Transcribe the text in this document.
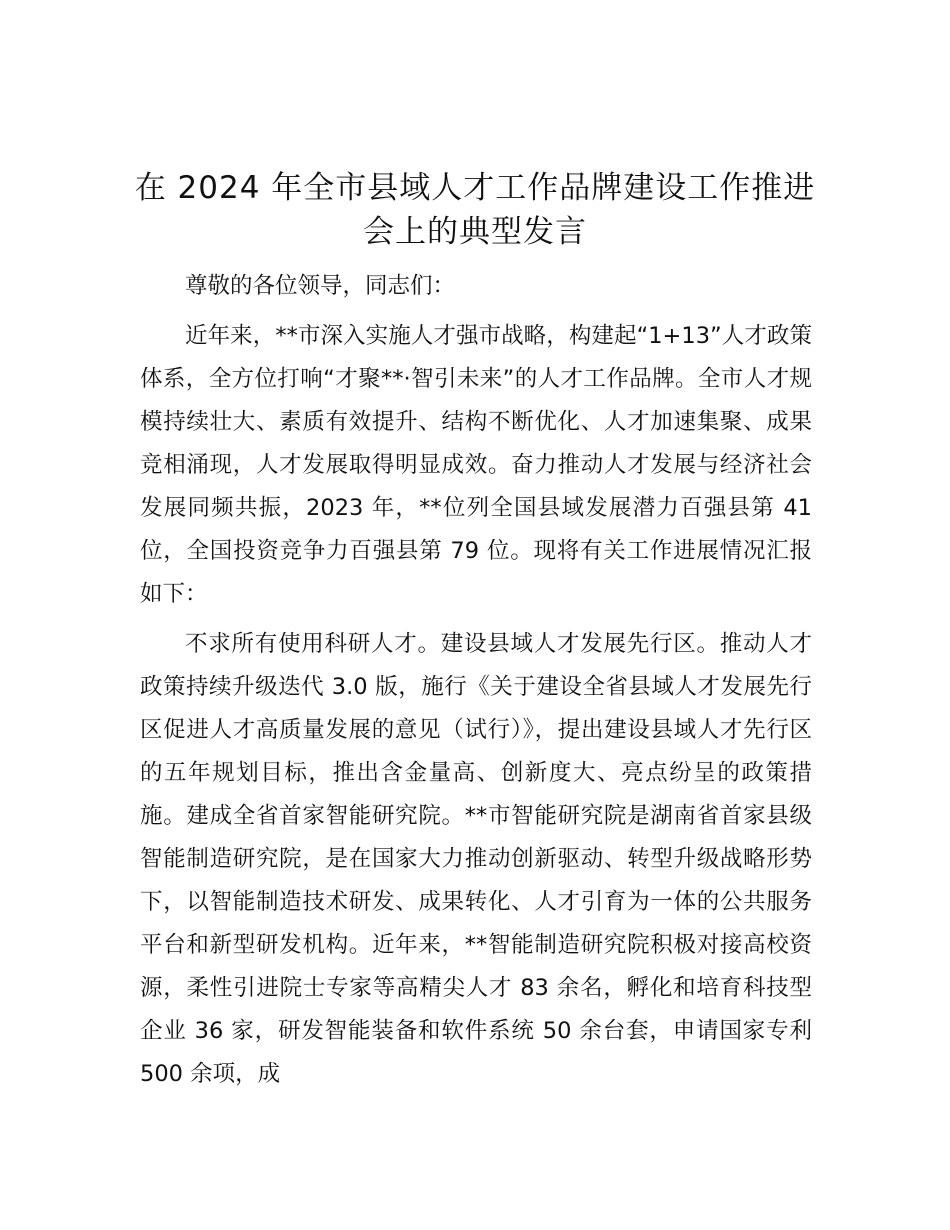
在 2024 年全市县域人才工作品牌建设工作推进会上的典型发言

尊敬的各位领导，同志们：

近年来，**市深入实施人才强市战略，构建起“1+13”人才政策体系，全方位打响“才聚**·智引未来”的人才工作品牌。全市人才规模持续壮大、素质有效提升、结构不断优化、人才加速集聚、成果竞相涌现，人才发展取得明显成效。奋力推动人才发展与经济社会发展同频共振，2023 年，**位列全国县域发展潜力百强县第 41 位，全国投资竞争力百强县第 79 位。现将有关工作进展情况汇报如下：

不求所有使用科研人才。建设县域人才发展先行区。推动人才政策持续升级迭代 3.0 版，施行《关于建设全省县域人才发展先行区促进人才高质量发展的意见（试行）》，提出建设县域人才先行区的五年规划目标，推出含金量高、创新度大、亮点纷呈的政策措施。建成全省首家智能研究院。**市智能研究院是湖南省首家县级智能制造研究院，是在国家大力推动创新驱动、转型升级战略形势下，以智能制造技术研发、成果转化、人才引育为一体的公共服务平台和新型研发机构。近年来，**智能制造研究院积极对接高校资源，柔性引进院士专家等高精尖人才 83 余名，孵化和培育科技型企业 36 家，研发智能装备和软件系统 50 余台套，申请国家专利 500 余项，成
